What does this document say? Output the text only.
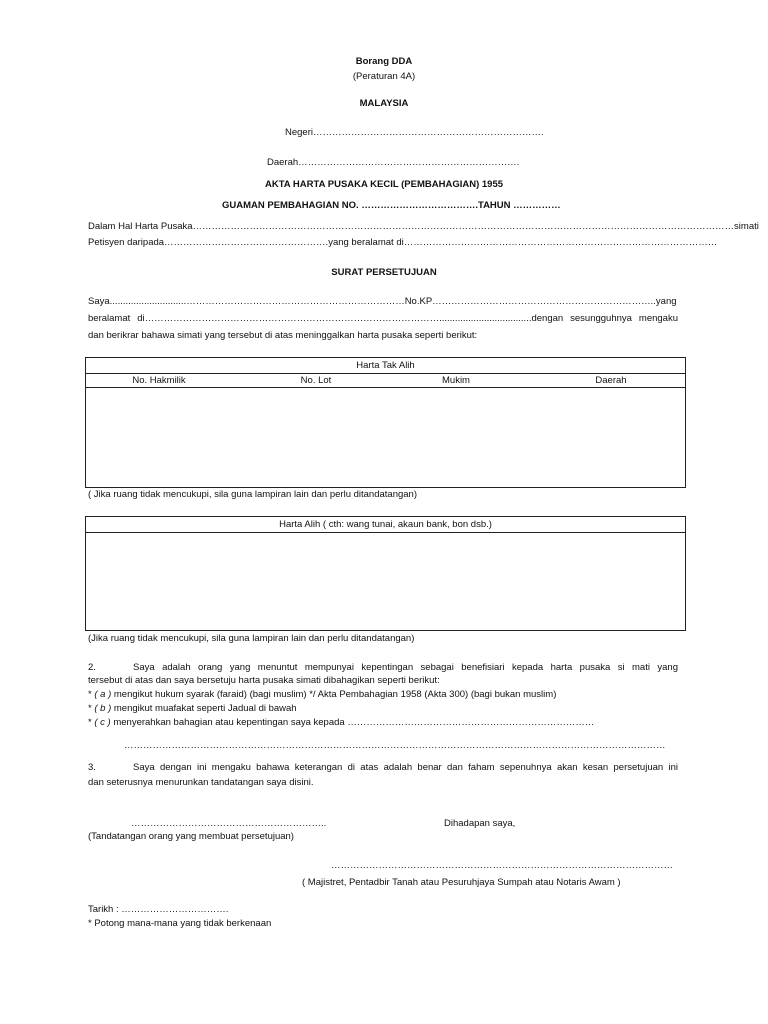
Borang DDA
(Peraturan 4A)
MALAYSIA
Negeri……………………………………………………………….
Daerah…………………………………………………………….
AKTA HARTA PUSAKA KECIL (PEMBAHAGIAN) 1955
GUAMAN PEMBAHAGIAN NO. ……………………………….TAHUN ……………
Dalam Hal Harta Pusaka………………………………………………………………………………………………………………………………………………………simati
Petisyen daripada…………………………………………….yang beralamat di………………………………………………………………………………………
SURAT PERSETUJUAN
Saya.............................……………………………………………………………No.KP……………………………………………………………..yang
beralamat di…………………………………………………………………………………...................................dengan sesungguhnya mengaku
dan berikrar bahawa simati yang tersebut di atas meninggalkan harta pusaka seperti berikut:
Harta Tak Alih
No. Hakmilik	No. Lot	Mukim	Daerah
( Jika ruang tidak mencukupi, sila guna lampiran lain dan perlu ditandatangan)
Harta Alih ( cth: wang tunai, akaun bank, bon dsb.)
(Jika ruang tidak mencukupi, sila guna lampiran lain dan perlu ditandatangan)
2.	Saya adalah orang yang menuntut mempunyai kepentingan sebagai benefisiari kepada harta pusaka si mati yang
tersebut di atas dan saya bersetuju harta pusaka simati dibahagikan seperti berikut:
* ( a ) mengikut hukum syarak (faraid) (bagi muslim) */ Akta Pembahagian 1958 (Akta 300) (bagi bukan muslim)
* ( b ) mengikut muafakat seperti Jadual di bawah
* ( c ) menyerahkan bahagian atau kepentingan saya kepada ……………………………………………………………………
………………………………………………………………………………………………………………………………………………………
3.	Saya dengan ini mengaku bahawa keterangan di atas adalah benar dan faham sepenuhnya akan kesan persetujuan ini
dan seterusnya menurunkan tandatangan saya disini.
……………………………………………………..
(Tandatangan orang yang membuat persetujuan)
Dihadapan saya,
………………………………………………………………………………………………
( Majistret, Pentadbir Tanah atau Pesuruhjaya Sumpah atau Notaris Awam )
Tarikh : …………………………….
* Potong mana-mana yang tidak berkenaan
